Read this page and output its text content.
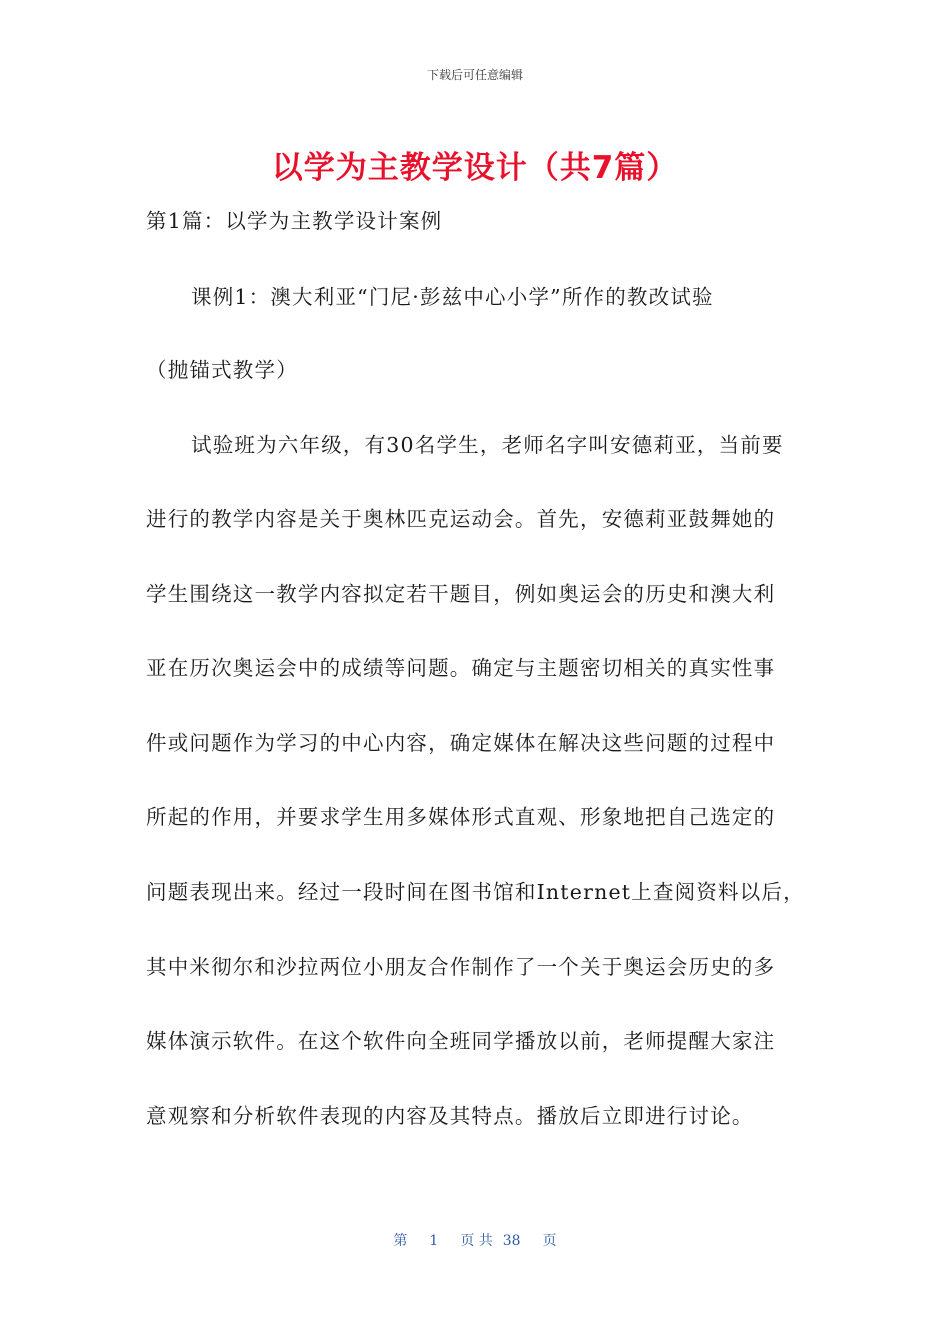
下载后可任意编辑
以学为主教学设计（共7篇）
第1篇：以学为主教学设计案例
课例1：澳大利亚“门尼·彭兹中心小学”所作的教改试验
（抛锚式教学）
试验班为六年级，有30名学生，老师名字叫安德莉亚，当前要
进行的教学内容是关于奥林匹克运动会。首先，安德莉亚鼓舞她的
学生围绕这一教学内容拟定若干题目，例如奥运会的历史和澳大利
亚在历次奥运会中的成绩等问题。确定与主题密切相关的真实性事
件或问题作为学习的中心内容，确定媒体在解决这些问题的过程中
所起的作用，并要求学生用多媒体形式直观、形象地把自己选定的
问题表现出来。经过一段时间在图书馆和Internet上查阅资料以后，
其中米彻尔和沙拉两位小朋友合作制作了一个关于奥运会历史的多
媒体演示软件。在这个软件向全班同学播放以前，老师提醒大家注
意观察和分析软件表现的内容及其特点。播放后立即进行讨论。
第 1 页 共 38 页
